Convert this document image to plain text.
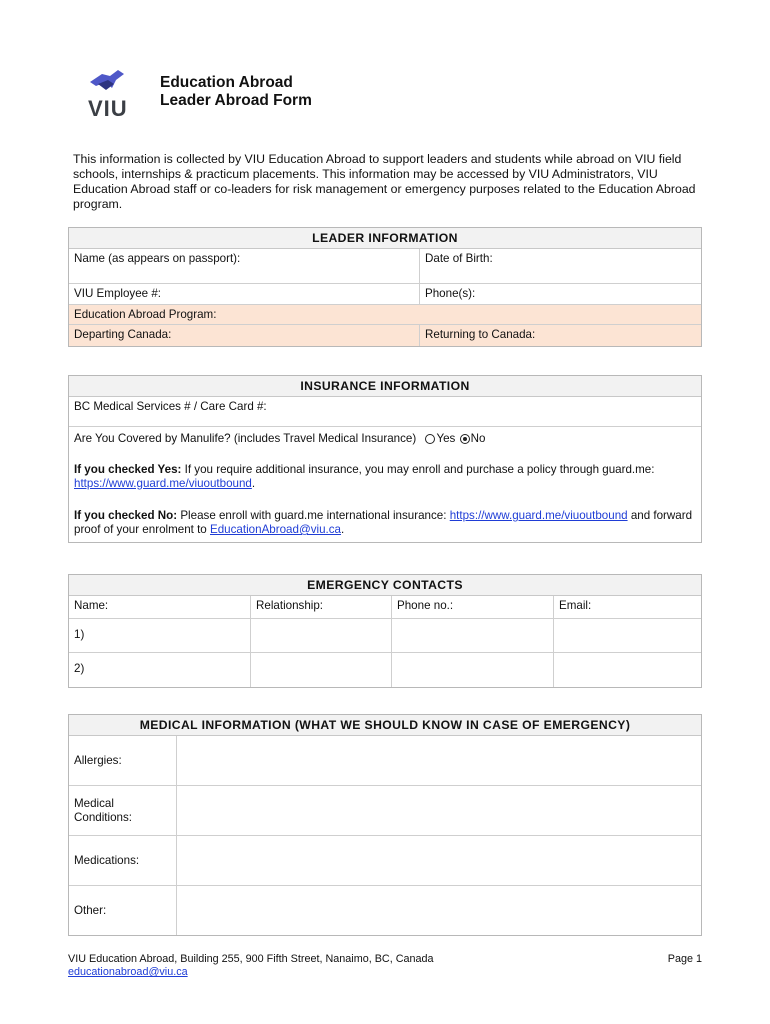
VIU
Education Abroad
Leader Abroad Form
This information is collected by VIU Education Abroad to support leaders and students while abroad on VIU field schools, internships & practicum placements. This information may be accessed by VIU Administrators, VIU Education Abroad staff or co-leaders for risk management or emergency purposes related to the Education Abroad program.
LEADER INFORMATION
Name (as appears on passport):	Date of Birth:
VIU Employee #:	Phone(s):
Education Abroad Program:
Departing Canada:	Returning to Canada:
INSURANCE INFORMATION
BC Medical Services # / Care Card #:
Are You Covered by Manulife? (includes Travel Medical Insurance) Yes No
If you checked Yes: If you require additional insurance, you may enroll and purchase a policy through guard.me:
https://www.guard.me/viuoutbound.
If you checked No: Please enroll with guard.me international insurance: https://www.guard.me/viuoutbound and forward proof of your enrolment to EducationAbroad@viu.ca.
EMERGENCY CONTACTS
Name:	Relationship:	Phone no.:	Email:
1)
2)
MEDICAL INFORMATION (WHAT WE SHOULD KNOW IN CASE OF EMERGENCY)
Allergies:
Medical Conditions:
Medications:
Other:
VIU Education Abroad, Building 255, 900 Fifth Street, Nanaimo, BC, Canada
educationabroad@viu.ca
Page 1
